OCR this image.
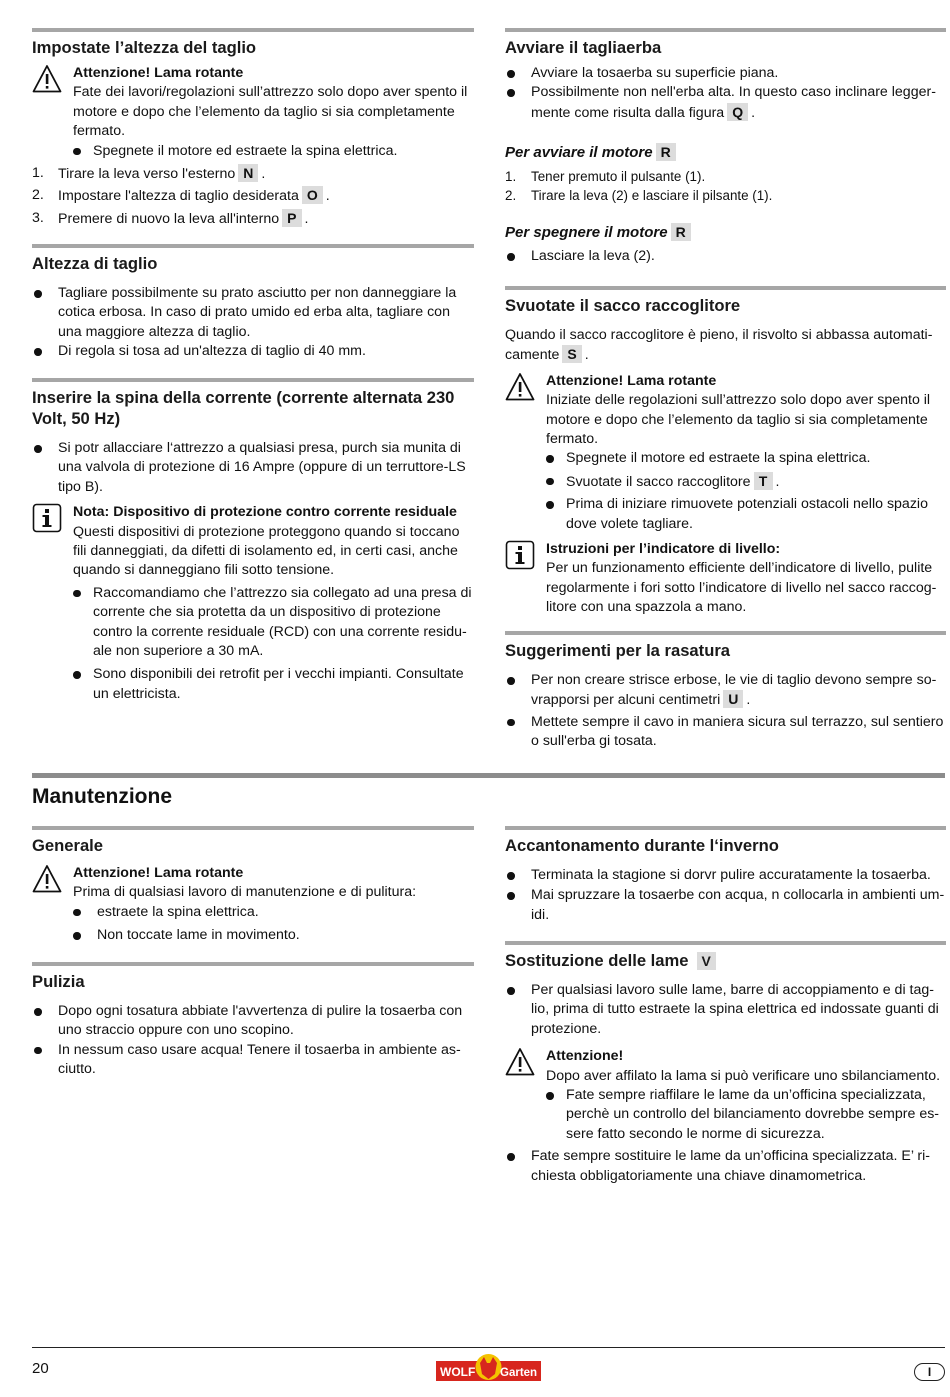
Impostate l’altezza del taglio
Attenzione! Lama rotante

Fate dei lavori/regolazioni sull’attrezzo solo dopo aver spento il motore e dopo che l’elemento da taglio si sia completamente fermato.

Spegnete il motore ed estraete la spina elettrica.
1. Tirare la leva verso l'esterno N .
2. Impostare l'altezza di taglio desiderata O .
3. Premere di nuovo la leva all'interno P .
Altezza di taglio
Tagliare possibilmente su prato asciutto per non danneggiare la cotica erbosa. In caso di prato umido ed erba alta, tagliare con una maggiore altezza di taglio.
Di regola si tosa ad un'altezza di taglio di 40 mm.
Inserire la spina della corrente (corrente alternata 230 Volt, 50 Hz)
Si potr allacciare l‘attrezzo a qualsiasi presa, purch sia munita di una valvola di protezione di 16 Ampre (oppure di un terruttore-LS tipo B).
Nota: Dispositivo di protezione contro corrente residuale

Questi dispositivi di protezione proteggono quando si toccano fili danneggiati, da difetti di isolamento ed, in certi casi, anche quando si danneggiano fili sotto tensione.

Raccomandiamo che l’attrezzo sia collegato ad una presa di corrente che sia protetta da un dispositivo di protezione contro la corrente residuale (RCD) con una corrente residu-ale non superiore a 30 mA.
Sono disponibili dei retrofit per i vecchi impianti. Consultate un elettricista.
Avviare il tagliaerba
Avviare la tosaerba su superficie piana.
Possibilmente non nell'erba alta. In questo caso inclinare legger-mente come risulta dalla figura Q .
Per avviare il motore R
1. Tener premuto il pulsante (1).
2. Tirare la leva (2) e lasciare il pilsante (1).
Per spegnere il motore R
Lasciare la leva (2).
Svuotate il sacco raccoglitore

Quando il sacco raccoglitore è pieno, il risvolto si abbassa automati-camente S .

Attenzione! Lama rotante

Iniziate delle regolazioni sull’attrezzo solo dopo aver spento il motore e dopo che l’elemento da taglio si sia completamente fermato.

Spegnete il motore ed estraete la spina elettrica.
Svuotate il sacco raccoglitore T .
Prima di iniziare rimuovete potenziali ostacoli nello spazio dove volete tagliare.
Istruzioni per l’indicatore di livello:

Per un funzionamento efficiente dell’indicatore di livello, pulite regolarmente i fori sotto l’indicatore di livello nel sacco raccog-litore con una spazzola a mano.

Suggerimenti per la rasatura
Per non creare strisce erbose, le vie di taglio devono sempre so-vrapporsi per alcuni centimetri U .
Mettete sempre il cavo in maniera sicura sul terrazzo, sul sentiero o sull'erba gi tosata.
Manutenzione
Generale
Attenzione! Lama rotante

Prima di qualsiasi lavoro di manutenzione e di pulitura:

estraete la spina elettrica.
Non toccate lame in movimento.
Pulizia
Dopo ogni tosatura abbiate l'avvertenza di pulire la tosaerba con uno straccio oppure con uno scopino.
In nessum caso usare acqua! Tenere il tosaerba in ambiente as-ciutto.
Accantonamento durante l‘inverno
Terminata la stagione si dorvr pulire accuratamente la tosaerba.
Mai spruzzare la tosaerbe con acqua, n collocarla in ambienti um-idi.
Sostituzione delle lame V
Per qualsiasi lavoro sulle lame, barre di accoppiamento e di tag-lio, prima di tutto estraete la spina elettrica ed indossate guanti di protezione.
Attenzione!

Dopo aver affilato la lama si può verificare uno sbilanciamento.

Fate sempre riaffilare le lame da un’officina specializzata, perchè un controllo del bilanciamento dovrebbe sempre es-sere fatto secondo le norme di sicurezza.
Fate sempre sostituire le lame da un’officina specializzata. E’ ri-chiesta obbligatoriamente una chiave dinamometrica.
20	WOLF Garten	I
